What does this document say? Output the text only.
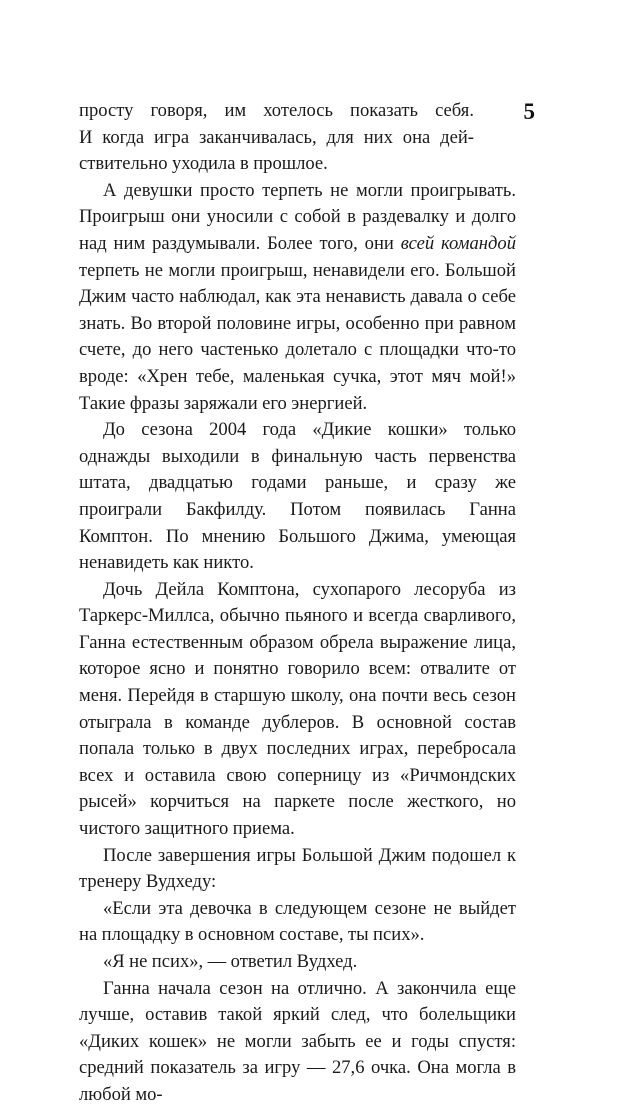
5

просту говоря, им хотелось показать себя.

И когда игра заканчивалась, для них она дей-

ствительно уходила в прошлое.

А девушки просто терпеть не могли проигрывать. Проигрыш они уносили с собой в раздевалку и долго над ним раздумывали. Более того, они всей командой терпеть не могли проигрыш, ненавидели его. Большой Джим часто наблюдал, как эта ненависть давала о себе знать. Во второй половине игры, особенно при равном счете, до него частенько долетало с площадки что-то вроде: «Хрен тебе, маленькая сучка, этот мяч мой!» Такие фразы заряжали его энергией.

До сезона 2004 года «Дикие кошки» только однажды выходили в финальную часть первенства штата, двадцатью годами раньше, и сразу же проиграли Бакфилду. Потом появилась Ганна Комптон. По мнению Большого Джима, умеющая ненавидеть как никто.

Дочь Дейла Комптона, сухопарого лесоруба из Таркерс-Миллса, обычно пьяного и всегда сварливого, Ганна естественным образом обрела выражение лица, которое ясно и понятно говорило всем: отвалите от меня. Перейдя в старшую школу, она почти весь сезон отыграла в команде дублеров. В основной состав попала только в двух последних играх, перебросала всех и оставила свою соперницу из «Ричмондских рысей» корчиться на паркете после жесткого, но чистого защитного приема.

После завершения игры Большой Джим подошел к тренеру Вудхеду:

«Если эта девочка в следующем сезоне не выйдет на площадку в основном составе, ты псих».

«Я не псих», — ответил Вудхед.

Ганна начала сезон на отлично. А закончила еще лучше, оставив такой яркий след, что болельщики «Диких кошек» не могли забыть ее и годы спустя: средний показатель за игру — 27,6 очка. Она могла в любой мо-
